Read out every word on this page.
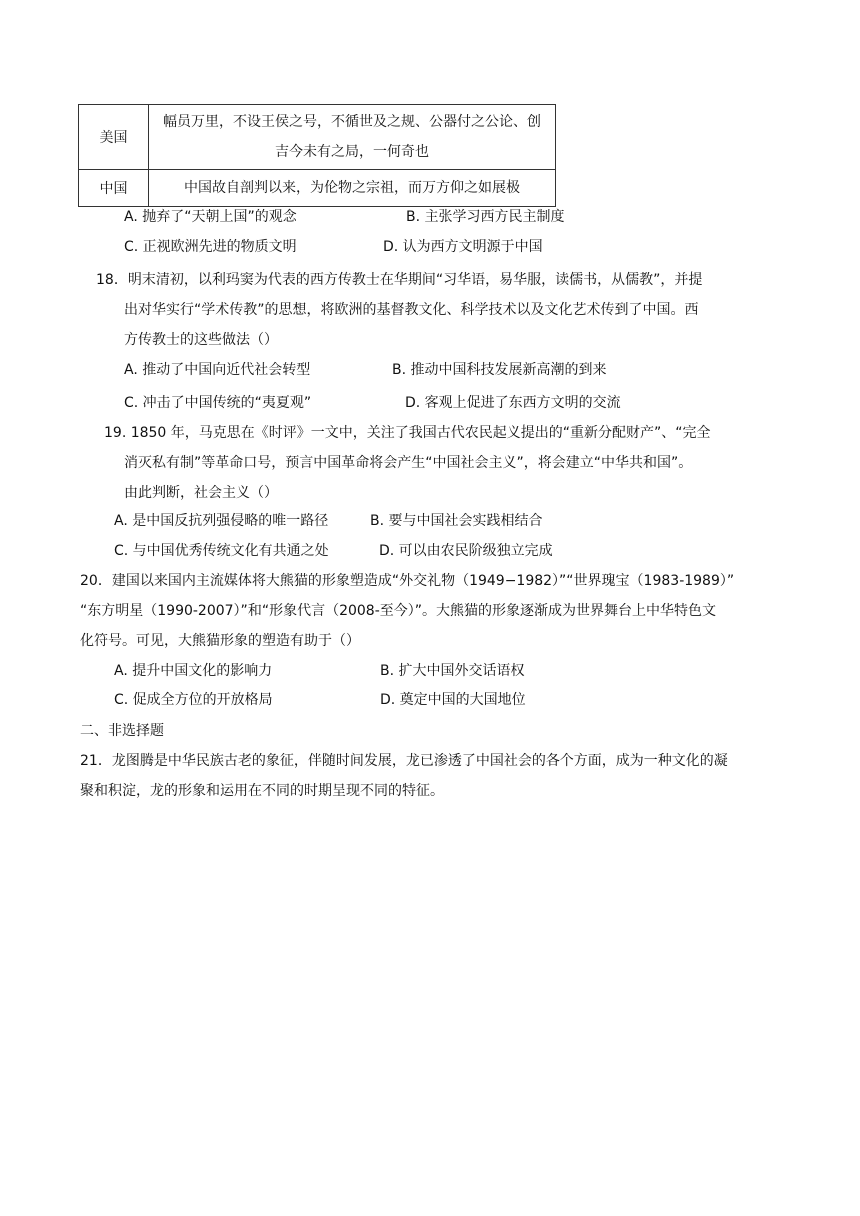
美国	幅员万里，不设王侯之号，不循世及之规、公器付之公论、创
吉今未有之局，一何奇也

中国	中国故自剖判以来，为伦物之宗祖，而万方仰之如展极
A. 抛弃了“天朝上国”的观念	B. 主张学习西方民主制度
C. 正视欧洲先进的物质文明	D. 认为西方文明源于中国
18．明末清初，以利玛窦为代表的西方传教士在华期间“习华语，易华服，读儒书，从儒教”，并提
出对华实行“学术传教”的思想，将欧洲的基督教文化、科学技术以及文化艺术传到了中国。西
方传教士的这些做法（）
A. 推动了中国向近代社会转型	B. 推动中国科技发展新高潮的到来
C. 冲击了中国传统的“夷夏观”	D. 客观上促进了东西方文明的交流
19. 1850 年，马克思在《时评》一文中，关注了我国古代农民起义提出的“重新分配财产”、“完全
消灭私有制”等革命口号，预言中国革命将会产生“中国社会主义”，将会建立“中华共和国”。
由此判断，社会主义（）
A. 是中国反抗列强侵略的唯一路径	B. 要与中国社会实践相结合
C. 与中国优秀传统文化有共通之处	D. 可以由农民阶级独立完成
20．建国以来国内主流媒体将大熊猫的形象塑造成“外交礼物（1949−1982）”“世界瑰宝（1983-1989）”
“东方明星（1990-2007）”和“形象代言（2008-至今）”。大熊猫的形象逐渐成为世界舞台上中华特色文
化符号。可见，大熊猫形象的塑造有助于（）
A. 提升中国文化的影响力	B. 扩大中国外交话语权
C. 促成全方位的开放格局	D. 奠定中国的大国地位
二、非选择题
21．龙图腾是中华民族古老的象征，伴随时间发展，龙已渗透了中国社会的各个方面，成为一种文化的凝
聚和积淀，龙的形象和运用在不同的时期呈现不同的特征。
